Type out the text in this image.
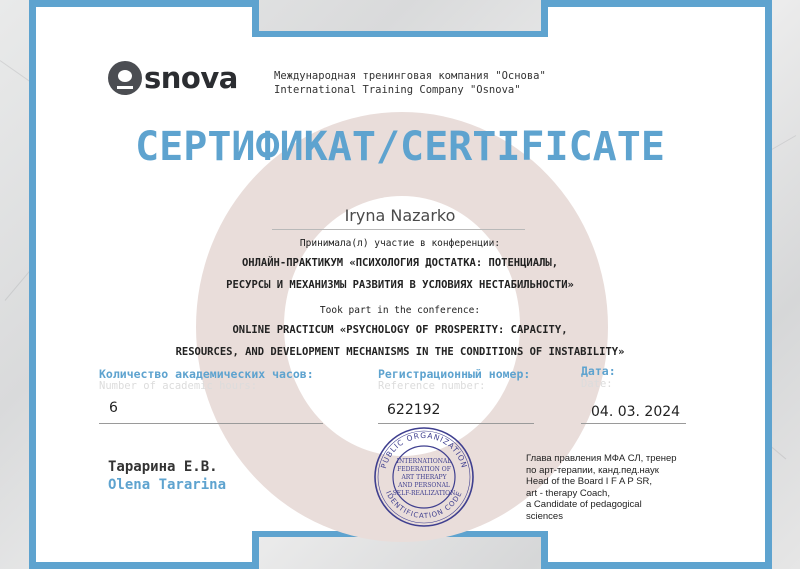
snova	Международная тренинговая компания "Основа"
International Training Company "Osnova"
СЕРТИФИКАТ/CERTIFICATE
Iryna Nazarko
Принимала(л) участие в конференции:
ОНЛАЙН-ПРАКТИКУМ «ПСИХОЛОГИЯ ДОСТАТКА: ПОТЕНЦИАЛЫ,
РЕСУРСЫ И МЕХАНИЗМЫ РАЗВИТИЯ В УСЛОВИЯХ НЕСТАБИЛЬНОСТИ»
Took part in the conference:
ONLINE PRACTICUM «PSYCHOLOGY OF PROSPERITY: CAPACITY,
RESOURCES, AND DEVELOPMENT MECHANISMS IN THE CONDITIONS OF INSTABILITY»
Количество академических часов:
Number of academic hours:
6
Регистрационный номер:
Reference number:
622192
Дата:
Date:
04. 03. 2024
Тарарина Е.В.
Olena Tararina
PUBLIC ORGANIZATION
IDENTIFICATION CODE
INTERNATIONAL
FEDERATION OF
ART THERAPY
AND PERSONAL
SELF-REALIZATION
Глава правления МФА СЛ, тренер
по арт-терапии, канд.пед.наук
Head of the Board I F A P SR,
art - therapy Coach,
a Candidate of pedagogical
sciences
